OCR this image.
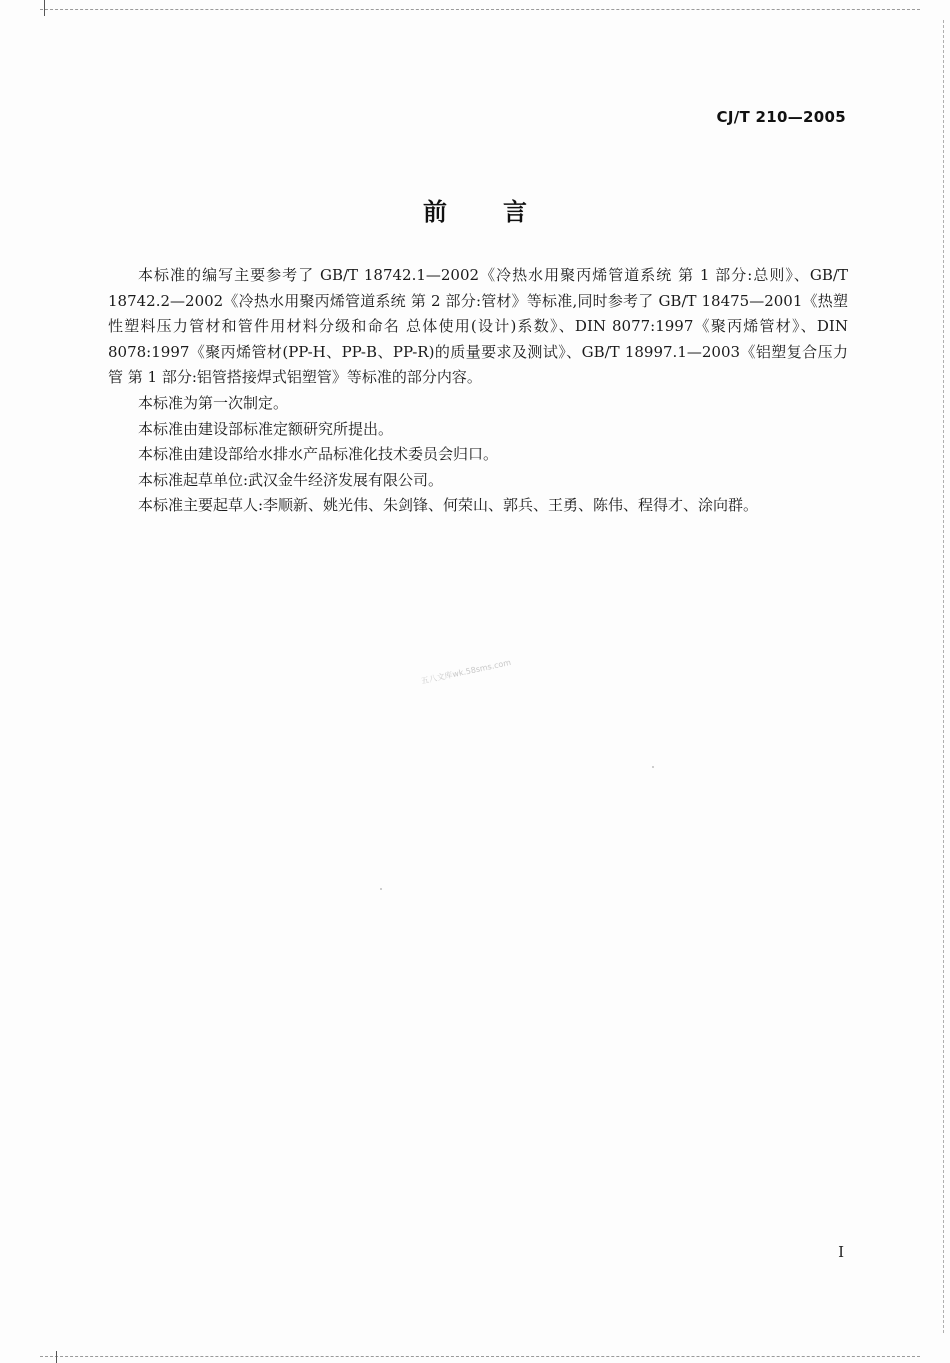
CJ/T 210—2005
前言

本标准的编写主要参考了 GB/T 18742.1—2002《冷热水用聚丙烯管道系统 第 1 部分:总则》、GB/T 18742.2—2002《冷热水用聚丙烯管道系统 第 2 部分:管材》等标准,同时参考了 GB/T 18475—2001《热塑性塑料压力管材和管件用材料分级和命名 总体使用(设计)系数》、DIN 8077:1997《聚丙烯管材》、DIN 8078:1997《聚丙烯管材(PP-H、PP-B、PP-R)的质量要求及测试》、GB/T 18997.1—2003《铝塑复合压力管 第 1 部分:铝管搭接焊式铝塑管》等标准的部分内容。

本标准为第一次制定。

本标准由建设部标准定额研究所提出。

本标准由建设部给水排水产品标准化技术委员会归口。

本标准起草单位:武汉金牛经济发展有限公司。

本标准主要起草人:李顺新、姚光伟、朱剑锋、何荣山、郭兵、王勇、陈伟、程得才、涂向群。

五八文库wk.58sms.com
I
